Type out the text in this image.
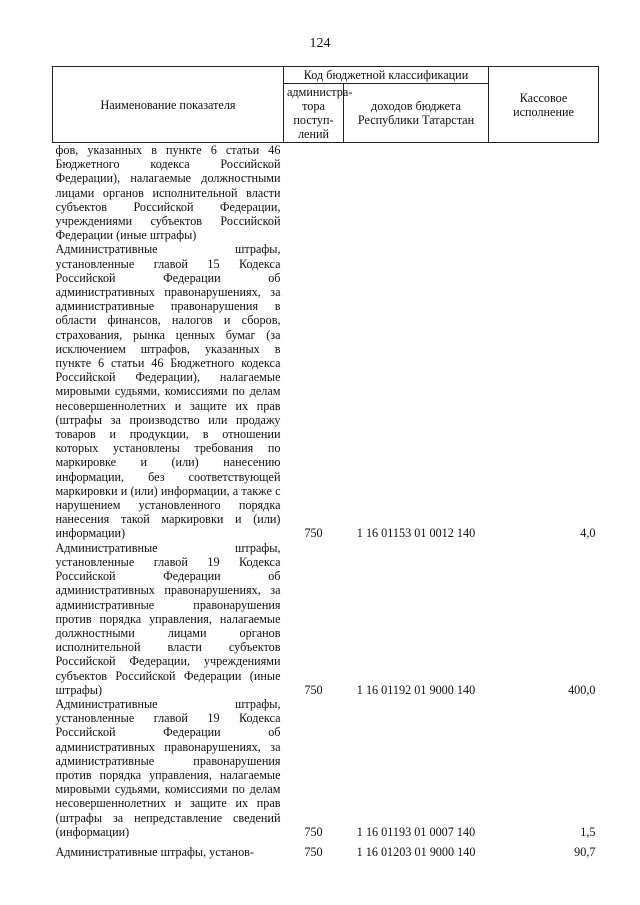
124
Наименование показателя	Код бюджетной классификации		Кассовое исполнение
	администра-тора поступ-лений	доходов бюджета Республики Татарстан	
фов, указанных в пункте 6 статьи 46 Бюджетного кодекса Российской Федерации), налагаемые должностными лицами органов исполнительной власти субъектов Российской Федерации, учреждениями субъектов Российской Федерации (иные штрафы)			
Административные штрафы, установленные главой 15 Кодекса Российской Федерации об административных правонарушениях, за административные правонарушения в области финансов, налогов и сборов, страхования, рынка ценных бумаг (за исключением штрафов, указанных в пункте 6 статьи 46 Бюджетного кодекса Российской Федерации), налагаемые мировыми судьями, комиссиями по делам несовершеннолетних и защите их прав (штрафы за производство или продажу товаров и продукции, в отношении которых установлены требования по маркировке и (или) нанесению информации, без соответствующей маркировки и (или) информации, а также с нарушением установленного порядка нанесения такой маркировки и (или) информации)	750	1 16 01153 01 0012 140	4,0
Административные штрафы, установленные главой 19 Кодекса Российской Федерации об административных правонарушениях, за административные правонарушения против порядка управления, налагаемые должностными лицами органов исполнительной власти субъектов Российской Федерации, учреждениями субъектов Российской Федерации (иные штрафы)	750	1 16 01192 01 9000 140	400,0
Административные штрафы, установленные главой 19 Кодекса Российской Федерации об административных правонарушениях, за административные правонарушения против порядка управления, налагаемые мировыми судьями, комиссиями по делам несовершеннолетних и защите их прав (штрафы за непредставление сведений (информации)	750	1 16 01193 01 0007 140	1,5
Административные штрафы, установ-	750	1 16 01203 01 9000 140	90,7
